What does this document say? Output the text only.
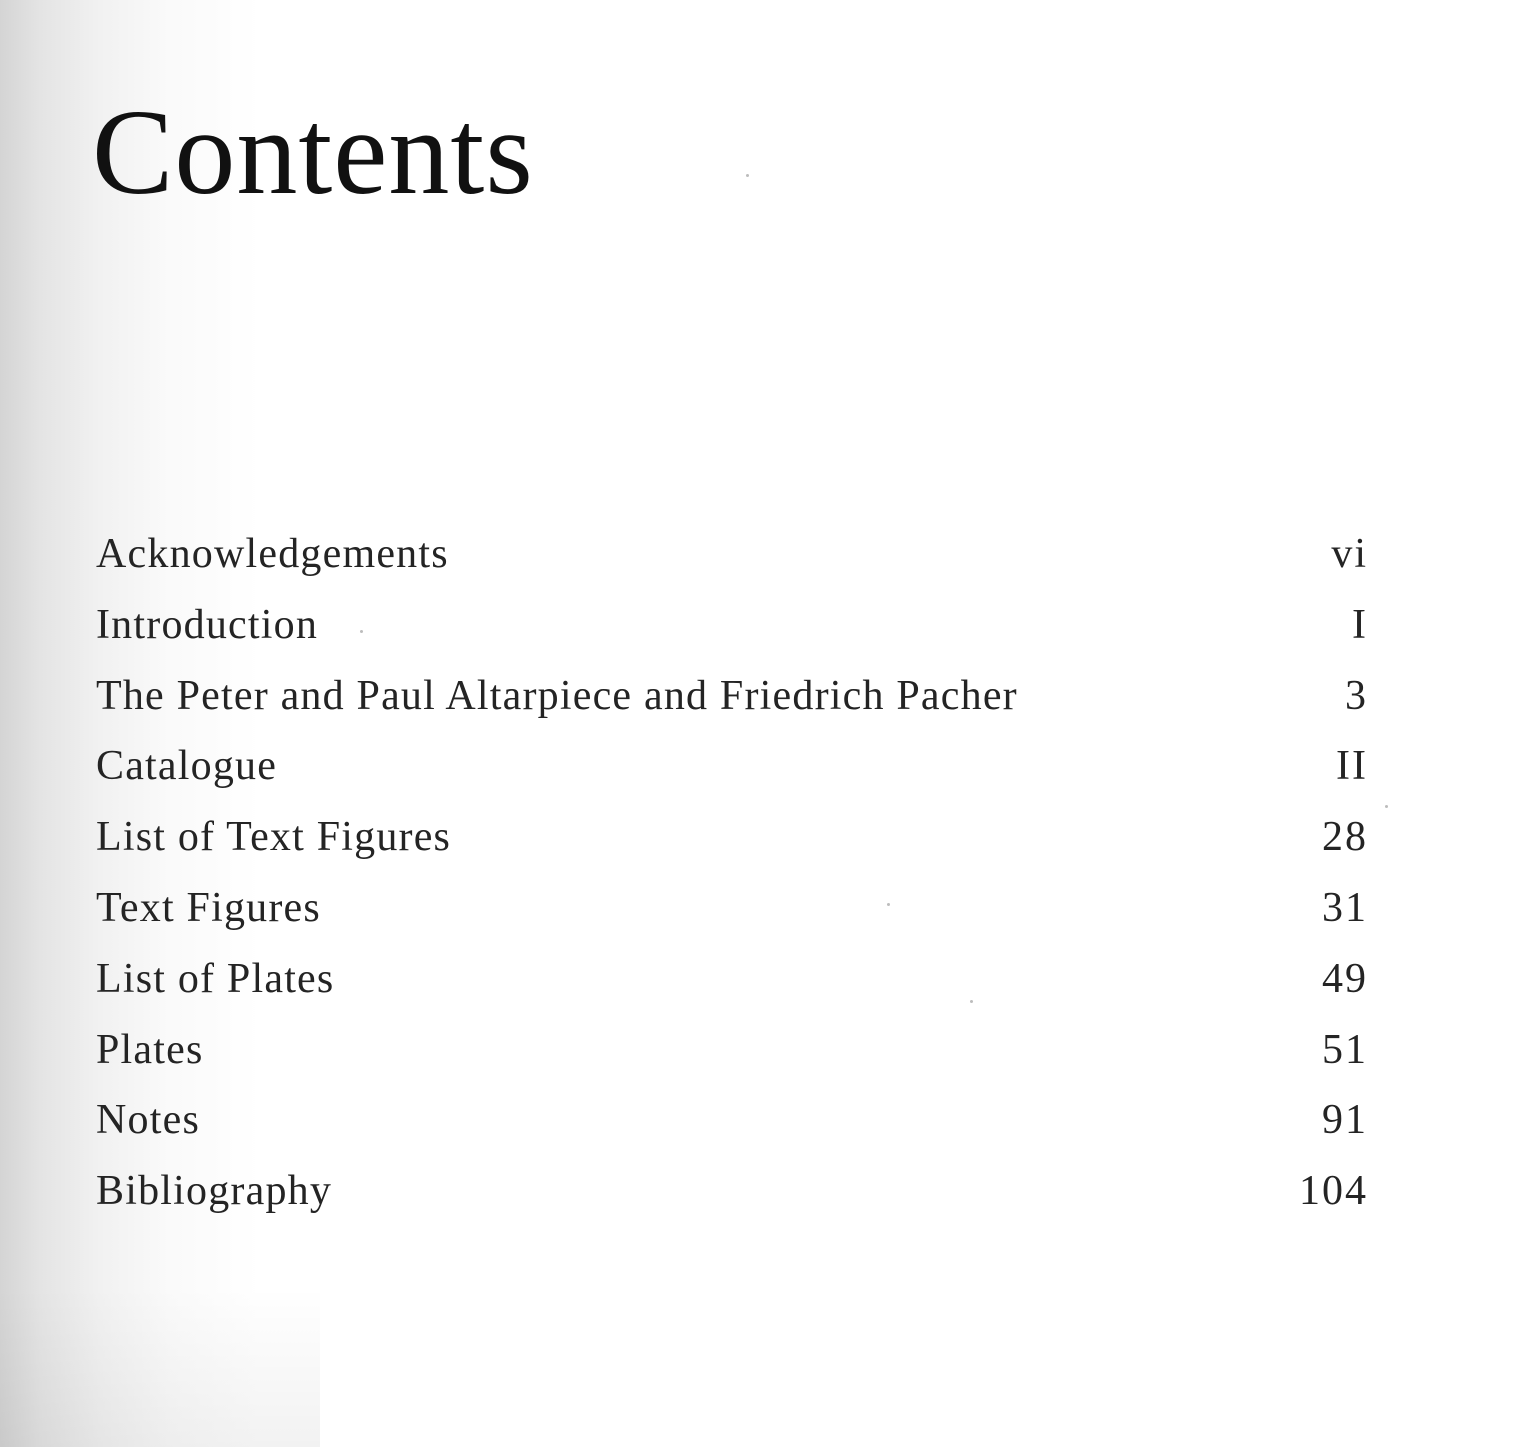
Contents
Acknowledgements	vi
Introduction	I
The Peter and Paul Altarpiece and Friedrich Pacher	3
Catalogue	II
List of Text Figures	28
Text Figures	31
List of Plates	49
Plates	51
Notes	91
Bibliography	104
